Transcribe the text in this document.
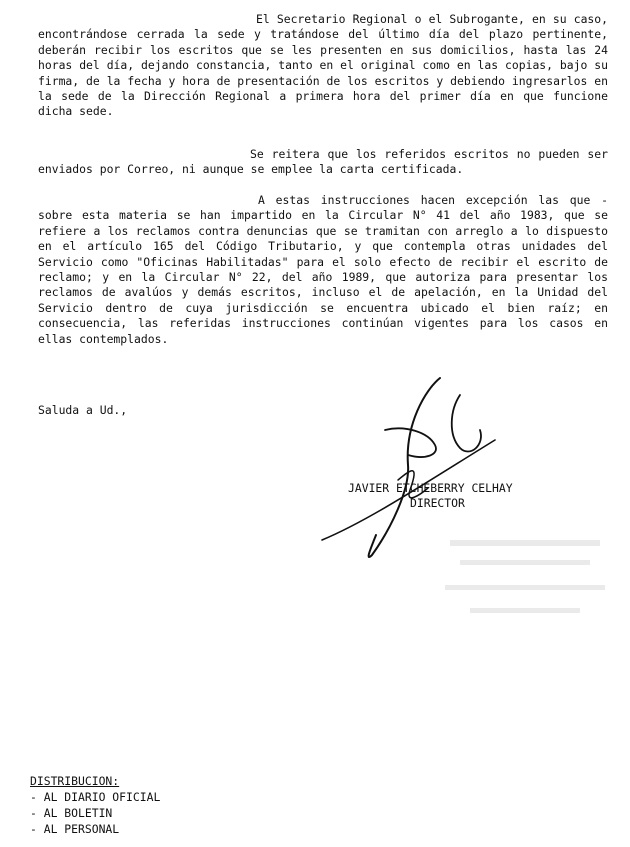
El Secretario Regional o el Subrogante, en su caso, encontrándose cerrada la sede y tratándose del último día del plazo pertinente, deberán recibir los escritos que se les presenten en sus domicilios, hasta las 24 horas del día, dejando constancia, tanto en el original como en las copias, bajo su firma, de la fecha y hora de presentación de los escritos y debiendo ingresarlos en la sede de la Dirección Regional a primera hora del primer día en que funcione dicha sede.

Se reitera que los referidos escritos no pueden ser enviados por Correo, ni aunque se emplee la carta certificada.

A estas instrucciones hacen excepción las que - sobre esta materia se han impartido en la Circular N° 41 del año 1983, que se refiere a los reclamos contra denuncias que se tramitan con arreglo a lo dispuesto en el artículo 165 del Código Tributario, y que contempla otras unidades del Servicio como "Oficinas Habilitadas" para el solo efecto de recibir el escrito de reclamo; y en la Circular N° 22, del año 1989, que autoriza para presentar los reclamos de avalúos y demás escritos, incluso el de apelación, en la Unidad del Servicio dentro de cuya jurisdicción se encuentra ubicado el bien raíz; en consecuencia, las referidas instrucciones continúan vigentes para los casos en ellas contemplados.

Saluda a Ud.,
JAVIER ETCHEBERRY CELHAY
DIRECTOR
DISTRIBUCION:
- AL DIARIO OFICIAL
- AL BOLETIN
- AL PERSONAL
